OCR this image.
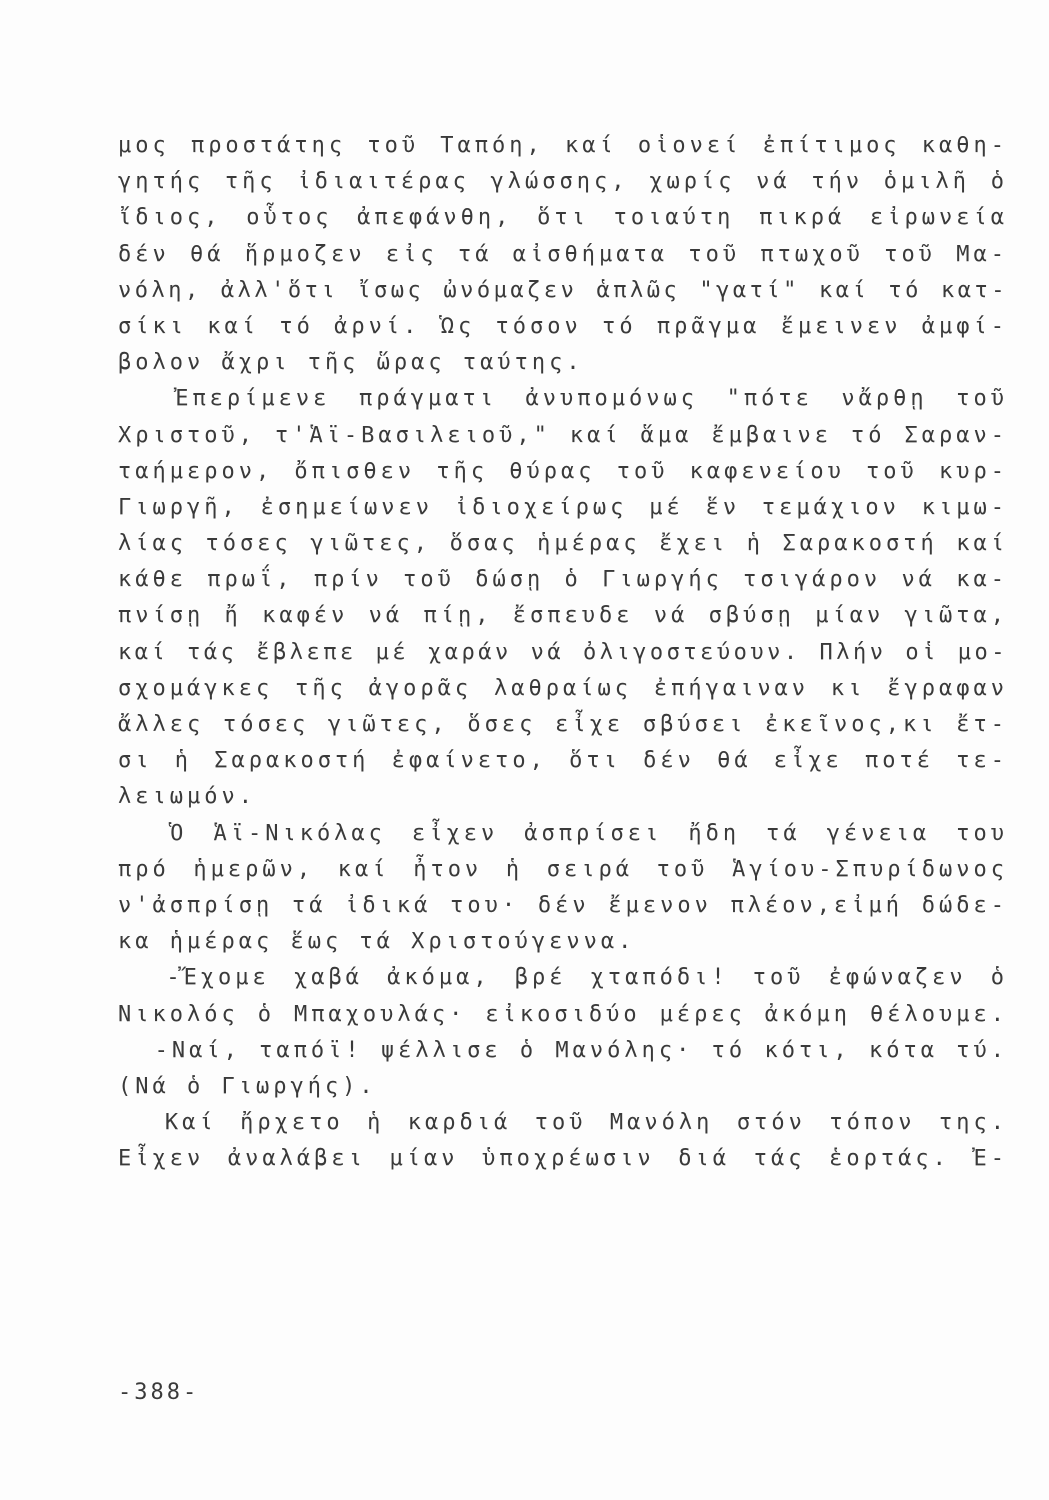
μος προστάτης τοῦ Ταπόη, καί οἱονεί ἐπίτιμος καθη-
γητής τῆς ἰδιαιτέρας γλώσσης, χωρίς νά τήν ὁμιλῆ ὁ
ἴδιος, οὗτος ἀπεφάνθη, ὅτι τοιαύτη πικρά εἰρωνεία
δέν θά ἥρμοζεν εἰς τά αἰσθήματα τοῦ πτωχοῦ τοῦ Μα-
νόλη, ἀλλ'ὅτι ἴσως ὠνόμαζεν ἁπλῶς "γατί" καί τό κατ-
σίκι καί τό ἀρνί. Ὡς τόσον τό πρᾶγμα ἔμεινεν ἀμφί-
βολον ἄχρι τῆς ὥρας ταύτης.
Ἐπερίμενε πράγματι ἀνυπομόνως "πότε νἄρθῃ τοῦ
Χριστοῦ, τ'Ἁϊ-Βασιλειοῦ," καί ἅμα ἔμβαινε τό Σαραν-
ταήμερον, ὄπισθεν τῆς θύρας τοῦ καφενείου τοῦ κυρ-
Γιωργῆ, ἐσημείωνεν ἰδιοχείρως μέ ἕν τεμάχιον κιμω-
λίας τόσες γιῶτες, ὅσας ἡμέρας ἔχει ἡ Σαρακοστή καί
κάθε πρωΐ, πρίν τοῦ δώσῃ ὁ Γιωργής τσιγάρον νά κα-
πνίσῃ ἤ καφέν νά πίῃ, ἔσπευδε νά σβύσῃ μίαν γιῶτα,
καί τάς ἔβλεπε μέ χαράν νά ὀλιγοστεύουν. Πλήν οἱ μο-
σχομάγκες τῆς ἀγορᾶς λαθραίως ἐπήγαιναν κι ἔγραφαν
ἄλλες τόσες γιῶτες, ὅσες εἶχε σβύσει ἐκεῖνος,κι ἔτ-
σι ἡ Σαρακοστή ἐφαίνετο, ὅτι δέν θά εἶχε ποτέ τε-
λειωμόν.
Ὁ Ἁϊ-Νικόλας εἶχεν ἀσπρίσει ἤδη τά γένεια του
πρό ἡμερῶν, καί ἦτον ἡ σειρά τοῦ Ἁγίου-Σπυρίδωνος
ν'ἀσπρίσῃ τά ἰδικά του· δέν ἔμενον πλέον,εἰμή δώδε-
κα ἡμέρας ἕως τά Χριστούγεννα.
-Ἔχομε χαβά ἀκόμα, βρέ χταπόδι! τοῦ ἐφώναζεν ὁ
Νικολός ὁ Μπαχουλάς· εἰκοσιδύο μέρες ἀκόμη θέλουμε.
-Ναί, ταπόϊ! ψέλλισε ὁ Μανόλης· τό κότι, κότα τύ.
(Νά ὁ Γιωργής).
Καί ἤρχετο ἡ καρδιά τοῦ Μανόλη στόν τόπον της.
Εἶχεν ἀναλάβει μίαν ὑποχρέωσιν διά τάς ἑορτάς. Ἐ-
-388-
